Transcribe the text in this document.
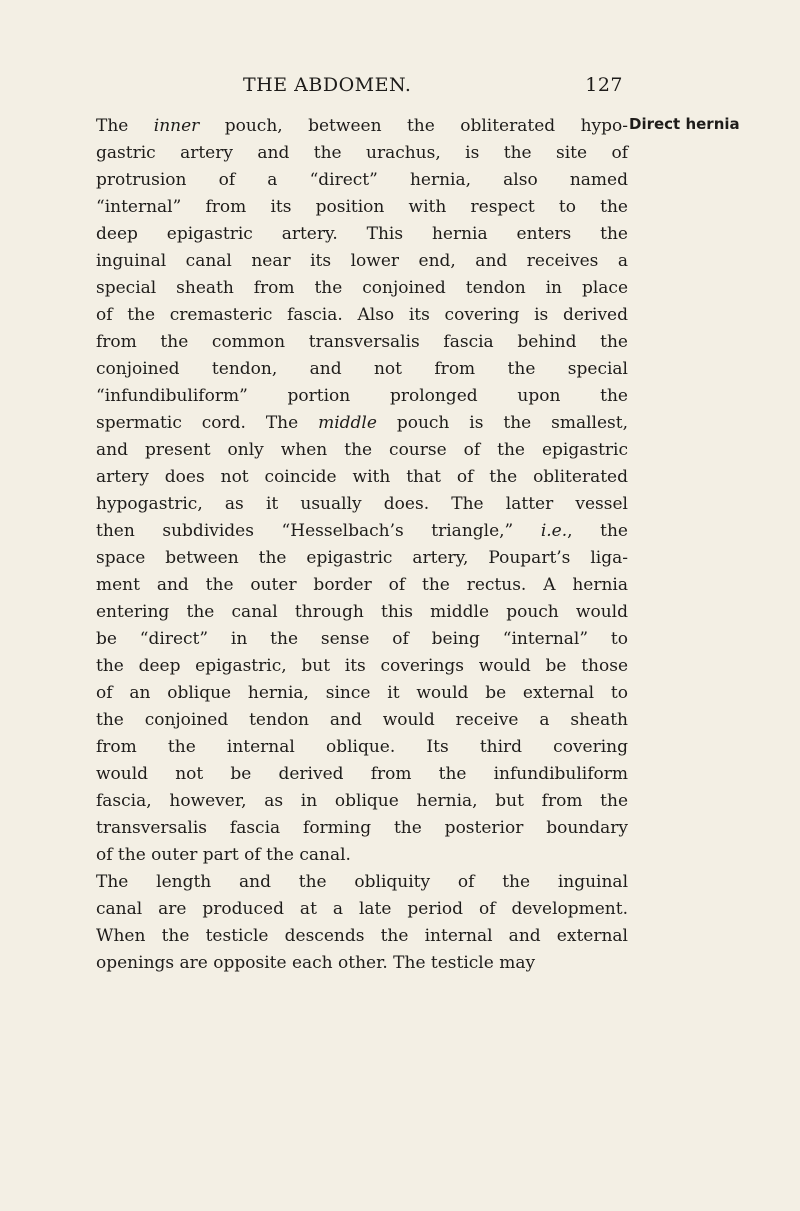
THE ABDOMEN.	127
Direct hernia
The inner pouch, between the obliterated hypo-
gastric artery and the urachus, is the site of
protrusion of a “direct” hernia, also named
“internal” from its position with respect to the
deep epigastric artery. This hernia enters the
inguinal canal near its lower end, and receives a
special sheath from the conjoined tendon in place
of the cremasteric fascia. Also its covering is derived
from the common transversalis fascia behind the
conjoined tendon, and not from the special
“infundibuliform” portion prolonged upon the
spermatic cord. The middle pouch is the smallest,
and present only when the course of the epigastric
artery does not coincide with that of the obliterated
hypogastric, as it usually does. The latter vessel
then subdivides “Hesselbach’s triangle,” i.e., the
space between the epigastric artery, Poupart’s liga-
ment and the outer border of the rectus. A hernia
entering the canal through this middle pouch would
be “direct” in the sense of being “internal” to
the deep epigastric, but its coverings would be those
of an oblique hernia, since it would be external to
the conjoined tendon and would receive a sheath
from the internal oblique. Its third covering
would not be derived from the infundibuliform
fascia, however, as in oblique hernia, but from the
transversalis fascia forming the posterior boundary
of the outer part of the canal.
The length and the obliquity of the inguinal
canal are produced at a late period of development.
When the testicle descends the internal and external
openings are opposite each other. The testicle may
